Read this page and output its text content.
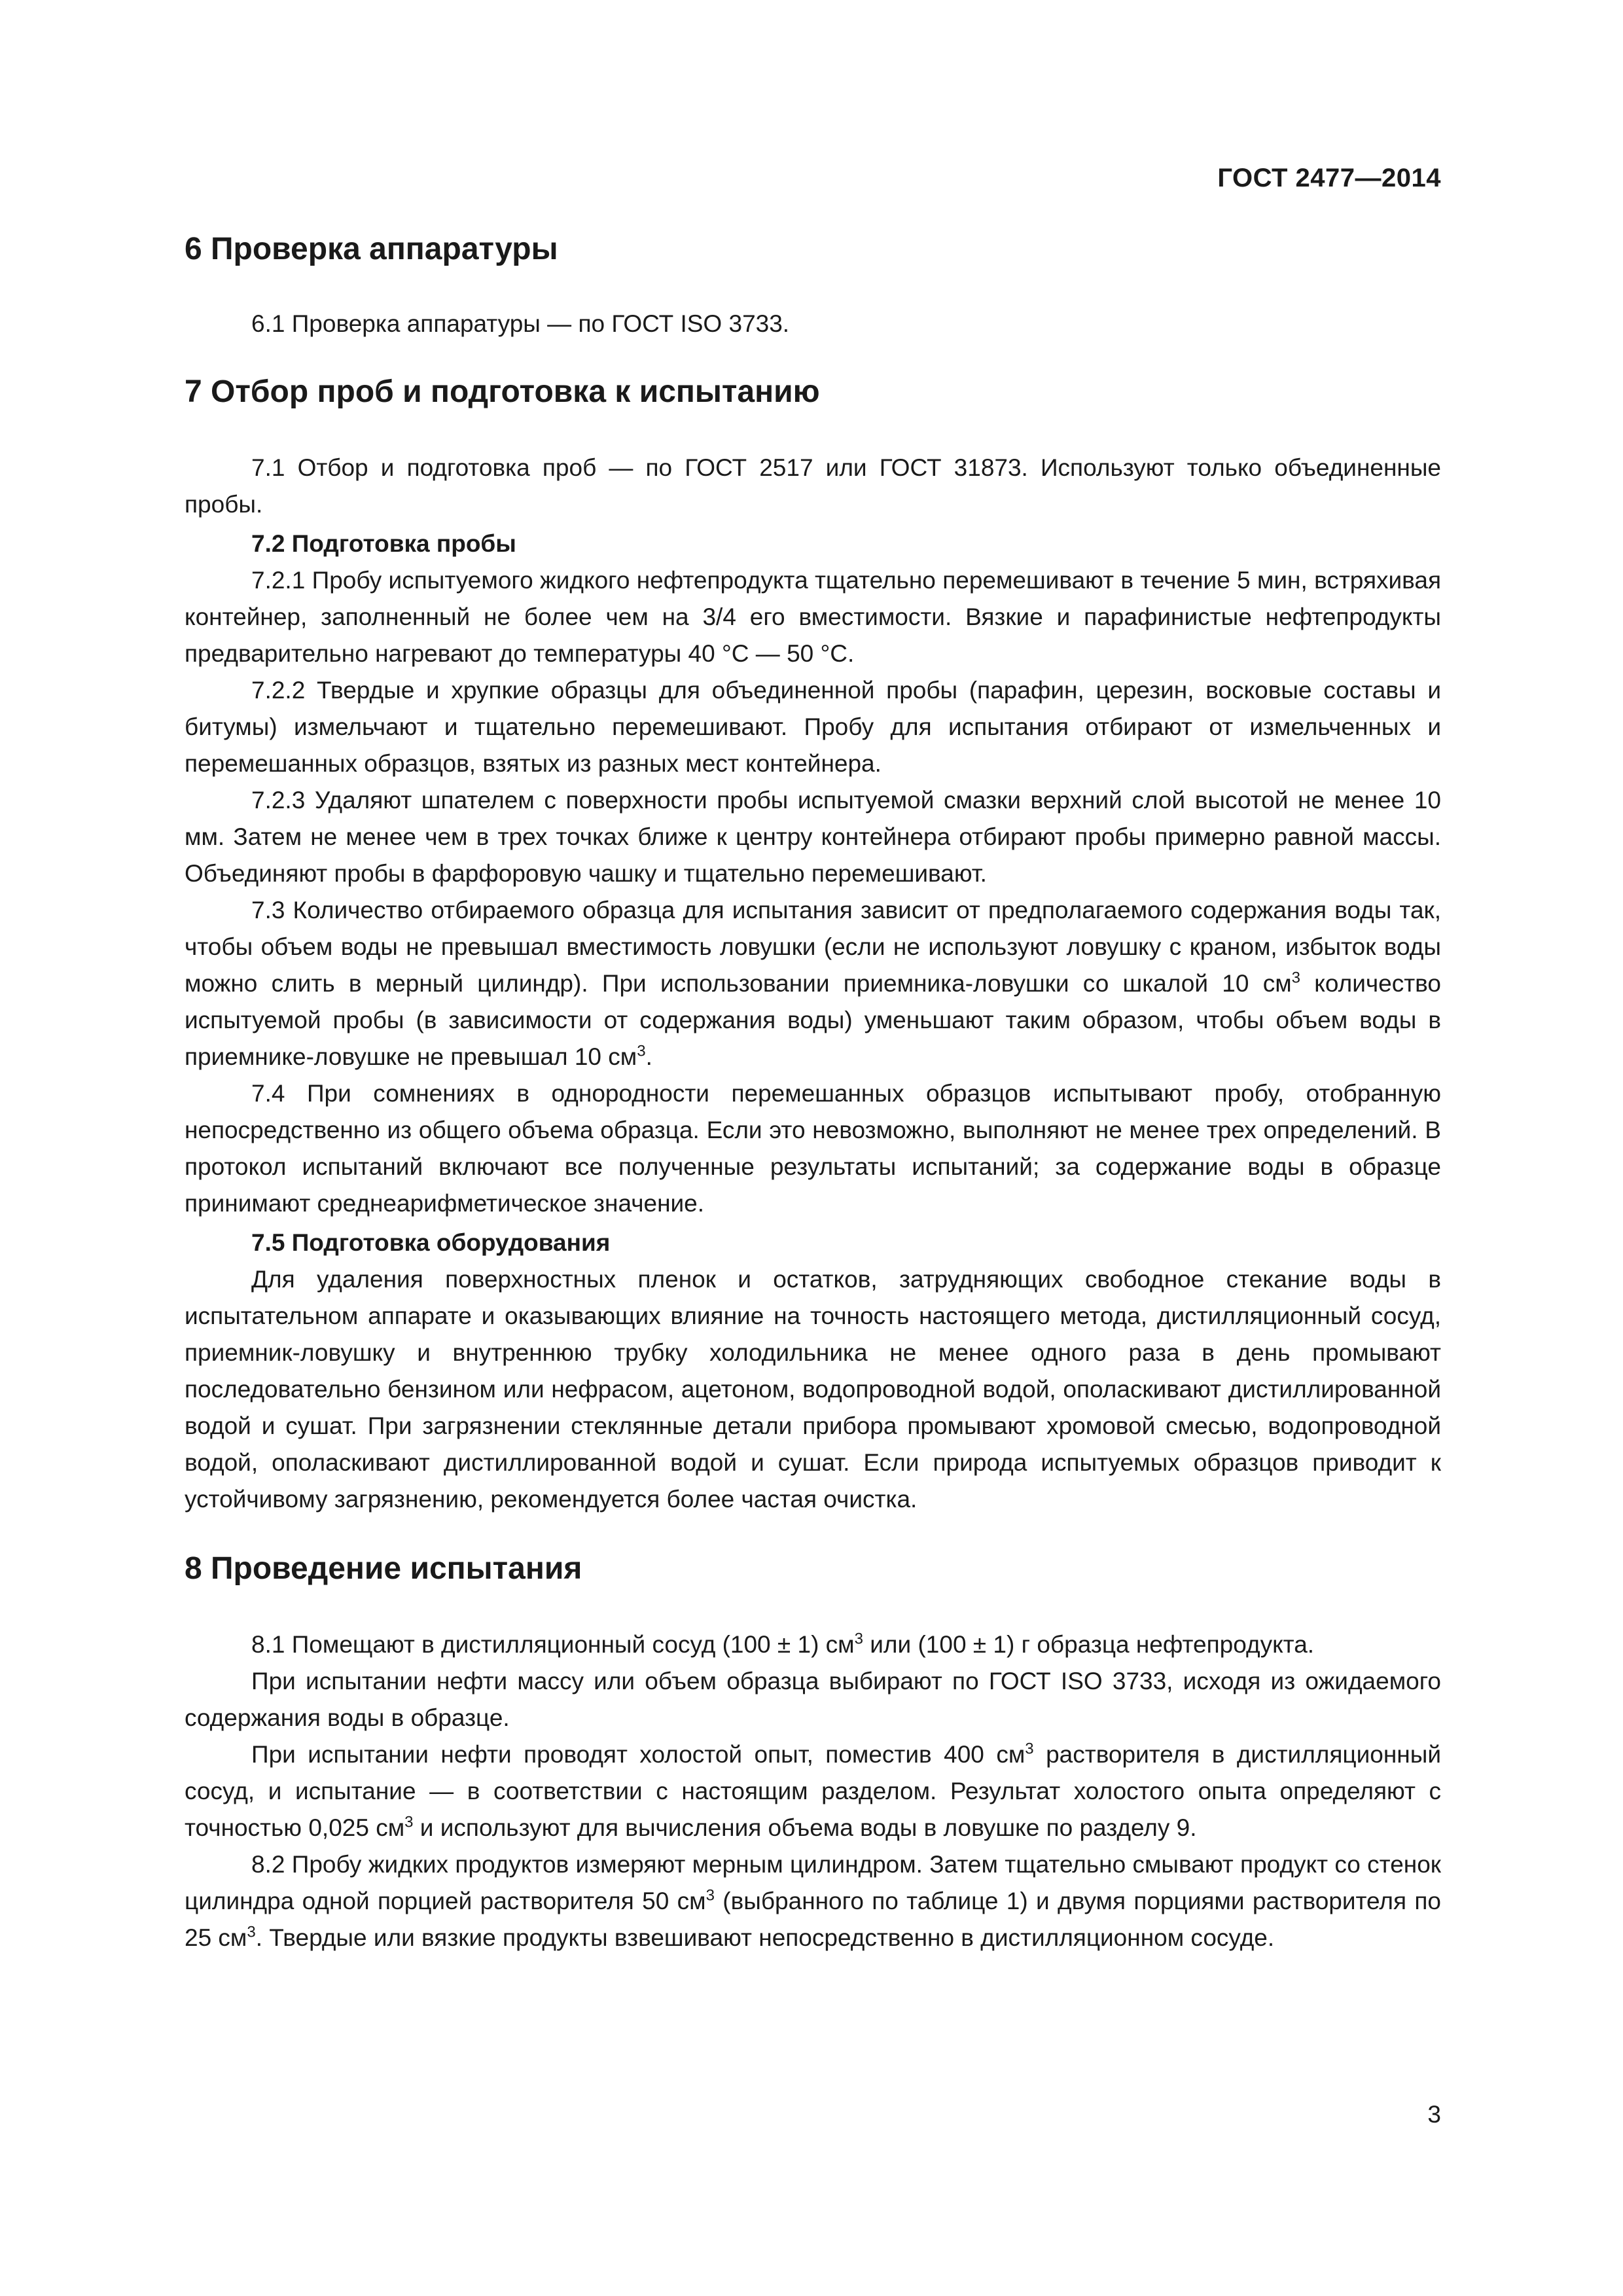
ГОСТ 2477—2014
6 Проверка аппаратуры

6.1 Проверка аппаратуры — по ГОСТ ISO 3733.

7 Отбор проб и подготовка к испытанию

7.1 Отбор и подготовка проб — по ГОСТ 2517 или ГОСТ 31873. Используют только объединенные пробы.

7.2 Подготовка пробы

7.2.1 Пробу испытуемого жидкого нефтепродукта тщательно перемешивают в течение 5 мин, встряхивая контейнер, заполненный не более чем на 3/4 его вместимости. Вязкие и парафинистые нефтепродукты предварительно нагревают до температуры 40 °C — 50 °C.

7.2.2 Твердые и хрупкие образцы для объединенной пробы (парафин, церезин, восковые составы и битумы) измельчают и тщательно перемешивают. Пробу для испытания отбирают от измельченных и перемешанных образцов, взятых из разных мест контейнера.

7.2.3 Удаляют шпателем с поверхности пробы испытуемой смазки верхний слой высотой не менее 10 мм. Затем не менее чем в трех точках ближе к центру контейнера отбирают пробы примерно равной массы. Объединяют пробы в фарфоровую чашку и тщательно перемешивают.

7.3 Количество отбираемого образца для испытания зависит от предполагаемого содержания воды так, чтобы объем воды не превышал вместимость ловушки (если не используют ловушку с краном, избыток воды можно слить в мерный цилиндр). При использовании приемника-ловушки со шкалой 10 $см^3$ количество испытуемой пробы (в зависимости от содержания воды) уменьшают таким образом, чтобы объем воды в приемнике-ловушке не превышал 10 $см^3$.

7.4 При сомнениях в однородности перемешанных образцов испытывают пробу, отобранную непосредственно из общего объема образца. Если это невозможно, выполняют не менее трех определений. В протокол испытаний включают все полученные результаты испытаний; за содержание воды в образце принимают среднеарифметическое значение.

7.5 Подготовка оборудования

Для удаления поверхностных пленок и остатков, затрудняющих свободное стекание воды в испытательном аппарате и оказывающих влияние на точность настоящего метода, дистилляционный сосуд, приемник-ловушку и внутреннюю трубку холодильника не менее одного раза в день промывают последовательно бензином или нефрасом, ацетоном, водопроводной водой, ополаскивают дистиллированной водой и сушат. При загрязнении стеклянные детали прибора промывают хромовой смесью, водопроводной водой, ополаскивают дистиллированной водой и сушат. Если природа испытуемых образцов приводит к устойчивому загрязнению, рекомендуется более частая очистка.

8 Проведение испытания

8.1 Помещают в дистилляционный сосуд (100 ± 1) $см^3$ или (100 ± 1) г образца нефтепродукта.

При испытании нефти массу или объем образца выбирают по ГОСТ ISO 3733, исходя из ожидаемого содержания воды в образце.

При испытании нефти проводят холостой опыт, поместив 400 $см^3$ растворителя в дистилляционный сосуд, и испытание — в соответствии с настоящим разделом. Результат холостого опыта определяют с точностью 0,025 $см^3$ и используют для вычисления объема воды в ловушке по разделу 9.

8.2 Пробу жидких продуктов измеряют мерным цилиндром. Затем тщательно смывают продукт со стенок цилиндра одной порцией растворителя 50 $см^3$ (выбранного по таблице 1) и двумя порциями растворителя по 25 $см^3$. Твердые или вязкие продукты взвешивают непосредственно в дистилляционном сосуде.

3
